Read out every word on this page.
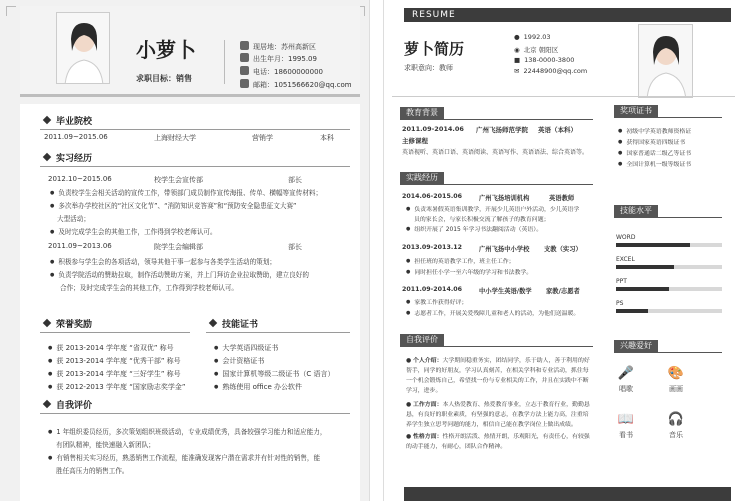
小萝卜
求职目标：销售
现居地：苏州高新区
出生年月：1995.09
电话：18600000000
邮箱：1051566620@qq.com
毕业院校
2011.09~2015.06	上海财经大学	营销学	本科
实习经历
2012.10~2015.06	校学生会宣传部	部长
● 负责校学生会相关活动的宣传工作，带领部门成员制作宣传海报、传单、横幅等宣传材料；
● 多次举办学校社区的“社区文化节”、“消防知识竞答赛”和“预防安全隐患征文大赛”
大型活动；
● 及时完成学生会的其他工作，工作得到学校老师认可。
2011.09~2013.06	院学生会编辑部	部长
● 积极参与学生会的各项活动，领导其他干事一起参与各类学生活动的策划；
● 负责学院活动的赞助拉取，制作活动赞助方案，并上门拜访企业拉取赞助，建立良好的
合作；及时完成学生会的其他工作，工作得到学校老师认可。
荣誉奖励
● 获 2013-2014 学年度 “省双优” 称号
● 获 2013-2014 学年度 “优秀干部” 称号
● 获 2013-2014 学年度 “三好学生” 称号
● 获 2012-2013 学年度 “国家励志奖学金”
技能证书
● 大学英语四级证书
● 会计资格证书
● 国家计算机等级二级证书（C 语言）
● 熟练使用 office 办公软件
自我评价
● 1 年组织委员经历，多次策划组织班级活动，专业成绩优秀，具备较强学习能力和适应能力，
有团队精神，能快速融入新团队；
● 有销售相关实习经历，熟悉销售工作流程，能准确发现客户潜在需求并有针对性的销售，能
胜任高压力的销售工作。
RESUME
萝卜简历
求职意向：教师
● 1992.03
◉ 北京 朝阳区
■ 138-0000-3800
✉ 22448900@qq.com
教育背景
2011.09-2014.06 广州飞扬师范学院 英语（本科）
主修课程
英语视听、英语口语、英语阅读、英语写作、英语语法、综合英语等。
实践经历
2014.06-2015.06	广州飞扬培训机构	英语教师
● 负责寒暑假英语集训教学，开展少儿英语户外活动，少儿英语学
员的家长会，与家长积极交流了解孩子的教育问题；
● 组织开展了 2015 年学习书法翻阅活动（英语）。
2013.09-2013.12	广州飞扬中小学校 支教（实习）
● 担任班的英语教学工作，班主任工作；
● 同时担任小学一至六年级的学习和书法教学。
2011.09-2014.06	中小学生英语/数学 家教/志愿者
● 家教工作获得好评；
● 志愿者工作，开展关爱残障儿童和老人的活动，为他们送温暖。
自我评价
● 个人介绍：大学期间稳重务实，团结同学，乐于助人，善于利用的好帮手，同学的好朋友，学习认真刻苦，在相关学科和专业活动，抓住每一个机会锻炼自己，希望找一份与专业相关的工作，并且在实践中不断学习，进步。
● 工作方面：本人热爱教育、热爱教育事业，立志于教育行业，勤勤恳恳，有良好的职业素质，有坚强的意志，在教学方法上能力高，注重培养学生独立思考问题的能力，相信自己能在教学岗位上做出成绩。
● 性格方面：性格开朗活泼、热情开朗，乐观阳光，有责任心，有较强的动手能力，有耐心，团队合作精神。
奖项证书
● 初级中学英语教师资格证
● 获得国家英语四级证书
● 国家普通话二级乙等证书
● 全国计算机一级等级证书
技能水平
WORD
EXCEL
PPT
PS
兴趣爱好
🎤
唱歌
🎨
画画
📖
看书
🎧
音乐
